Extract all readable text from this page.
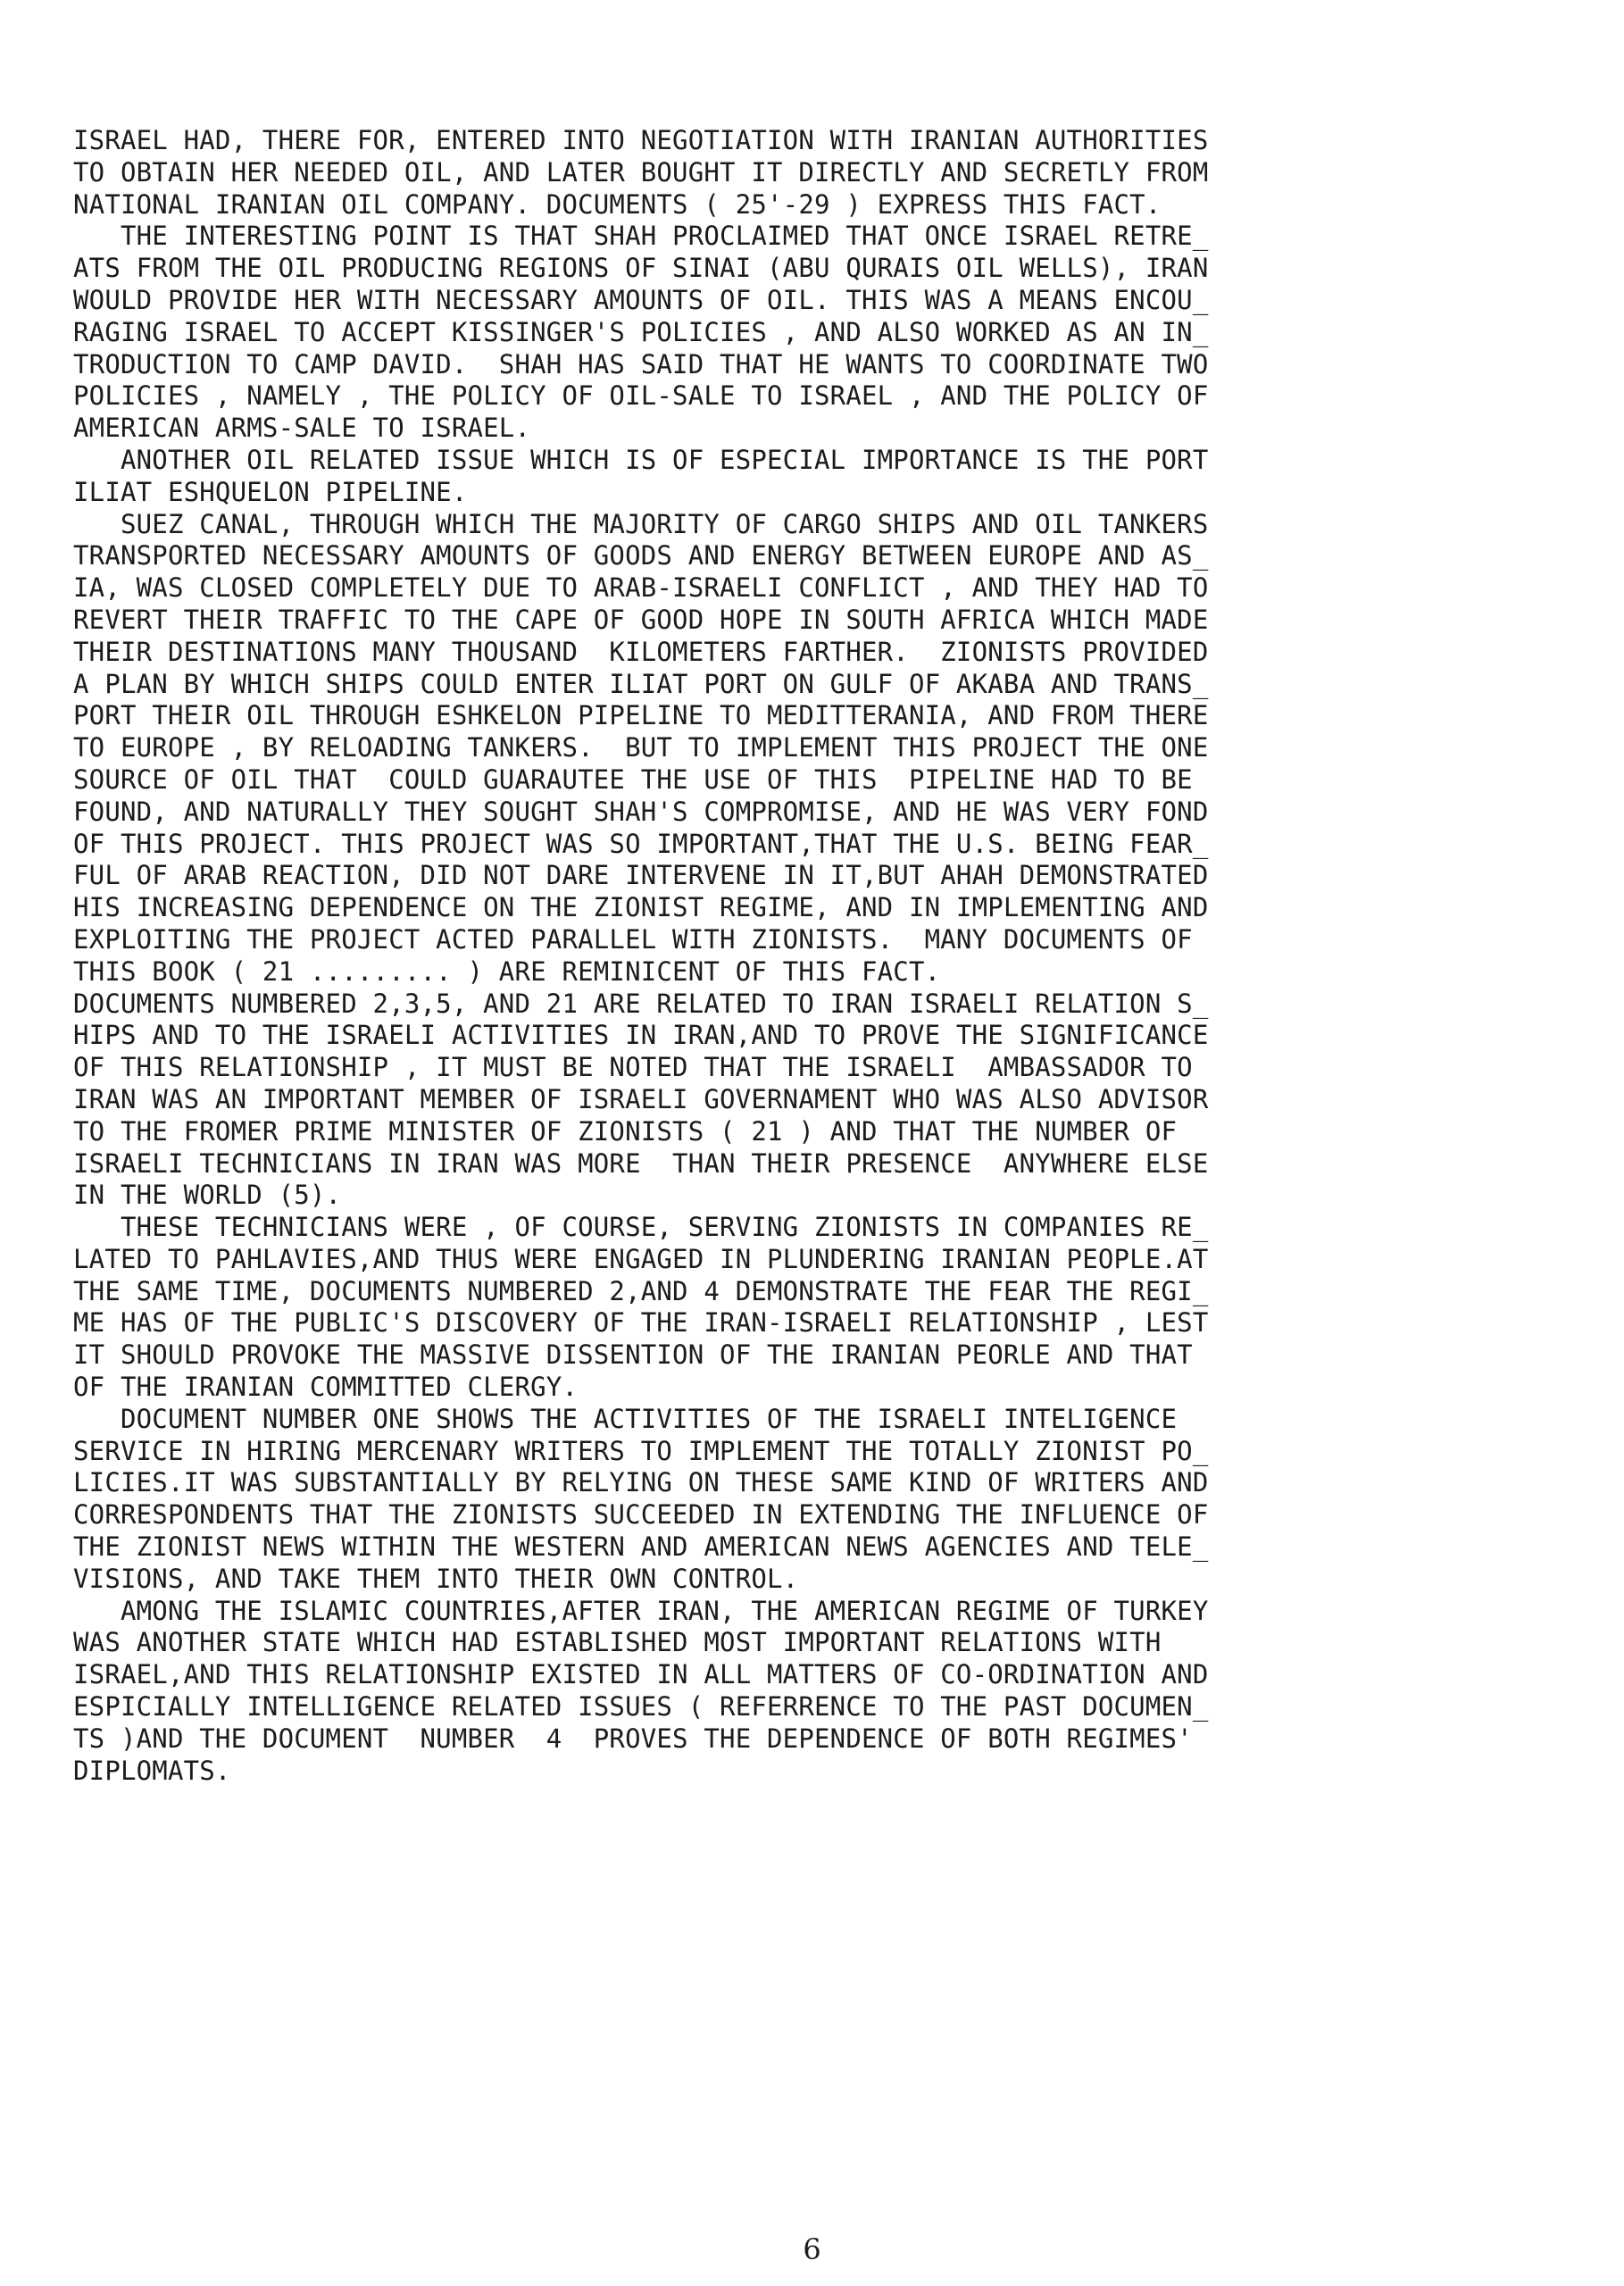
ISRAEL HAD, THERE FOR, ENTERED INTO NEGOTIATION WITH IRANIAN AUTHORITIES
TO OBTAIN HER NEEDED OIL, AND LATER BOUGHT IT DIRECTLY AND SECRETLY FROM
NATIONAL IRANIAN OIL COMPANY. DOCUMENTS ( 25'-29 ) EXPRESS THIS FACT.
THE INTERESTING POINT IS THAT SHAH PROCLAIMED THAT ONCE ISRAEL RETRE_
ATS FROM THE OIL PRODUCING REGIONS OF SINAI (ABU QURAIS OIL WELLS), IRAN
WOULD PROVIDE HER WITH NECESSARY AMOUNTS OF OIL. THIS WAS A MEANS ENCOU_
RAGING ISRAEL TO ACCEPT KISSINGER'S POLICIES , AND ALSO WORKED AS AN IN_
TRODUCTION TO CAMP DAVID.  SHAH HAS SAID THAT HE WANTS TO COORDINATE TWO
POLICIES , NAMELY , THE POLICY OF OIL-SALE TO ISRAEL , AND THE POLICY OF
AMERICAN ARMS-SALE TO ISRAEL.
ANOTHER OIL RELATED ISSUE WHICH IS OF ESPECIAL IMPORTANCE IS THE PORT
ILIAT ESHQUELON PIPELINE.
SUEZ CANAL, THROUGH WHICH THE MAJORITY OF CARGO SHIPS AND OIL TANKERS
TRANSPORTED NECESSARY AMOUNTS OF GOODS AND ENERGY BETWEEN EUROPE AND AS_
IA, WAS CLOSED COMPLETELY DUE TO ARAB-ISRAELI CONFLICT , AND THEY HAD TO
REVERT THEIR TRAFFIC TO THE CAPE OF GOOD HOPE IN SOUTH AFRICA WHICH MADE
THEIR DESTINATIONS MANY THOUSAND  KILOMETERS FARTHER.  ZIONISTS PROVIDED
A PLAN BY WHICH SHIPS COULD ENTER ILIAT PORT ON GULF OF AKABA AND TRANS_
PORT THEIR OIL THROUGH ESHKELON PIPELINE TO MEDITTERANIA, AND FROM THERE
TO EUROPE , BY RELOADING TANKERS.  BUT TO IMPLEMENT THIS PROJECT THE ONE
SOURCE OF OIL THAT  COULD GUARAUTEE THE USE OF THIS  PIPELINE HAD TO BE
FOUND, AND NATURALLY THEY SOUGHT SHAH'S COMPROMISE, AND HE WAS VERY FOND
OF THIS PROJECT. THIS PROJECT WAS SO IMPORTANT,THAT THE U.S. BEING FEAR_
FUL OF ARAB REACTION, DID NOT DARE INTERVENE IN IT,BUT AHAH DEMONSTRATED
HIS INCREASING DEPENDENCE ON THE ZIONIST REGIME, AND IN IMPLEMENTING AND
EXPLOITING THE PROJECT ACTED PARALLEL WITH ZIONISTS.  MANY DOCUMENTS OF
THIS BOOK ( 21 ......... ) ARE REMINICENT OF THIS FACT.
DOCUMENTS NUMBERED 2,3,5, AND 21 ARE RELATED TO IRAN ISRAELI RELATION S_
HIPS AND TO THE ISRAELI ACTIVITIES IN IRAN,AND TO PROVE THE SIGNIFICANCE
OF THIS RELATIONSHIP , IT MUST BE NOTED THAT THE ISRAELI  AMBASSADOR TO
IRAN WAS AN IMPORTANT MEMBER OF ISRAELI GOVERNAMENT WHO WAS ALSO ADVISOR
TO THE FROMER PRIME MINISTER OF ZIONISTS ( 21 ) AND THAT THE NUMBER OF
ISRAELI TECHNICIANS IN IRAN WAS MORE  THAN THEIR PRESENCE  ANYWHERE ELSE
IN THE WORLD (5).
THESE TECHNICIANS WERE , OF COURSE, SERVING ZIONISTS IN COMPANIES RE_
LATED TO PAHLAVIES,AND THUS WERE ENGAGED IN PLUNDERING IRANIAN PEOPLE.AT
THE SAME TIME, DOCUMENTS NUMBERED 2,AND 4 DEMONSTRATE THE FEAR THE REGI_
ME HAS OF THE PUBLIC'S DISCOVERY OF THE IRAN-ISRAELI RELATIONSHIP , LEST
IT SHOULD PROVOKE THE MASSIVE DISSENTION OF THE IRANIAN PEORLE AND THAT
OF THE IRANIAN COMMITTED CLERGY.
DOCUMENT NUMBER ONE SHOWS THE ACTIVITIES OF THE ISRAELI INTELIGENCE
SERVICE IN HIRING MERCENARY WRITERS TO IMPLEMENT THE TOTALLY ZIONIST PO_
LICIES.IT WAS SUBSTANTIALLY BY RELYING ON THESE SAME KIND OF WRITERS AND
CORRESPONDENTS THAT THE ZIONISTS SUCCEEDED IN EXTENDING THE INFLUENCE OF
THE ZIONIST NEWS WITHIN THE WESTERN AND AMERICAN NEWS AGENCIES AND TELE_
VISIONS, AND TAKE THEM INTO THEIR OWN CONTROL.
AMONG THE ISLAMIC COUNTRIES,AFTER IRAN, THE AMERICAN REGIME OF TURKEY
WAS ANOTHER STATE WHICH HAD ESTABLISHED MOST IMPORTANT RELATIONS WITH
ISRAEL,AND THIS RELATIONSHIP EXISTED IN ALL MATTERS OF CO-ORDINATION AND
ESPICIALLY INTELLIGENCE RELATED ISSUES ( REFERRENCE TO THE PAST DOCUMEN_
TS )AND THE DOCUMENT  NUMBER  4  PROVES THE DEPENDENCE OF BOTH REGIMES'
DIPLOMATS.
6
